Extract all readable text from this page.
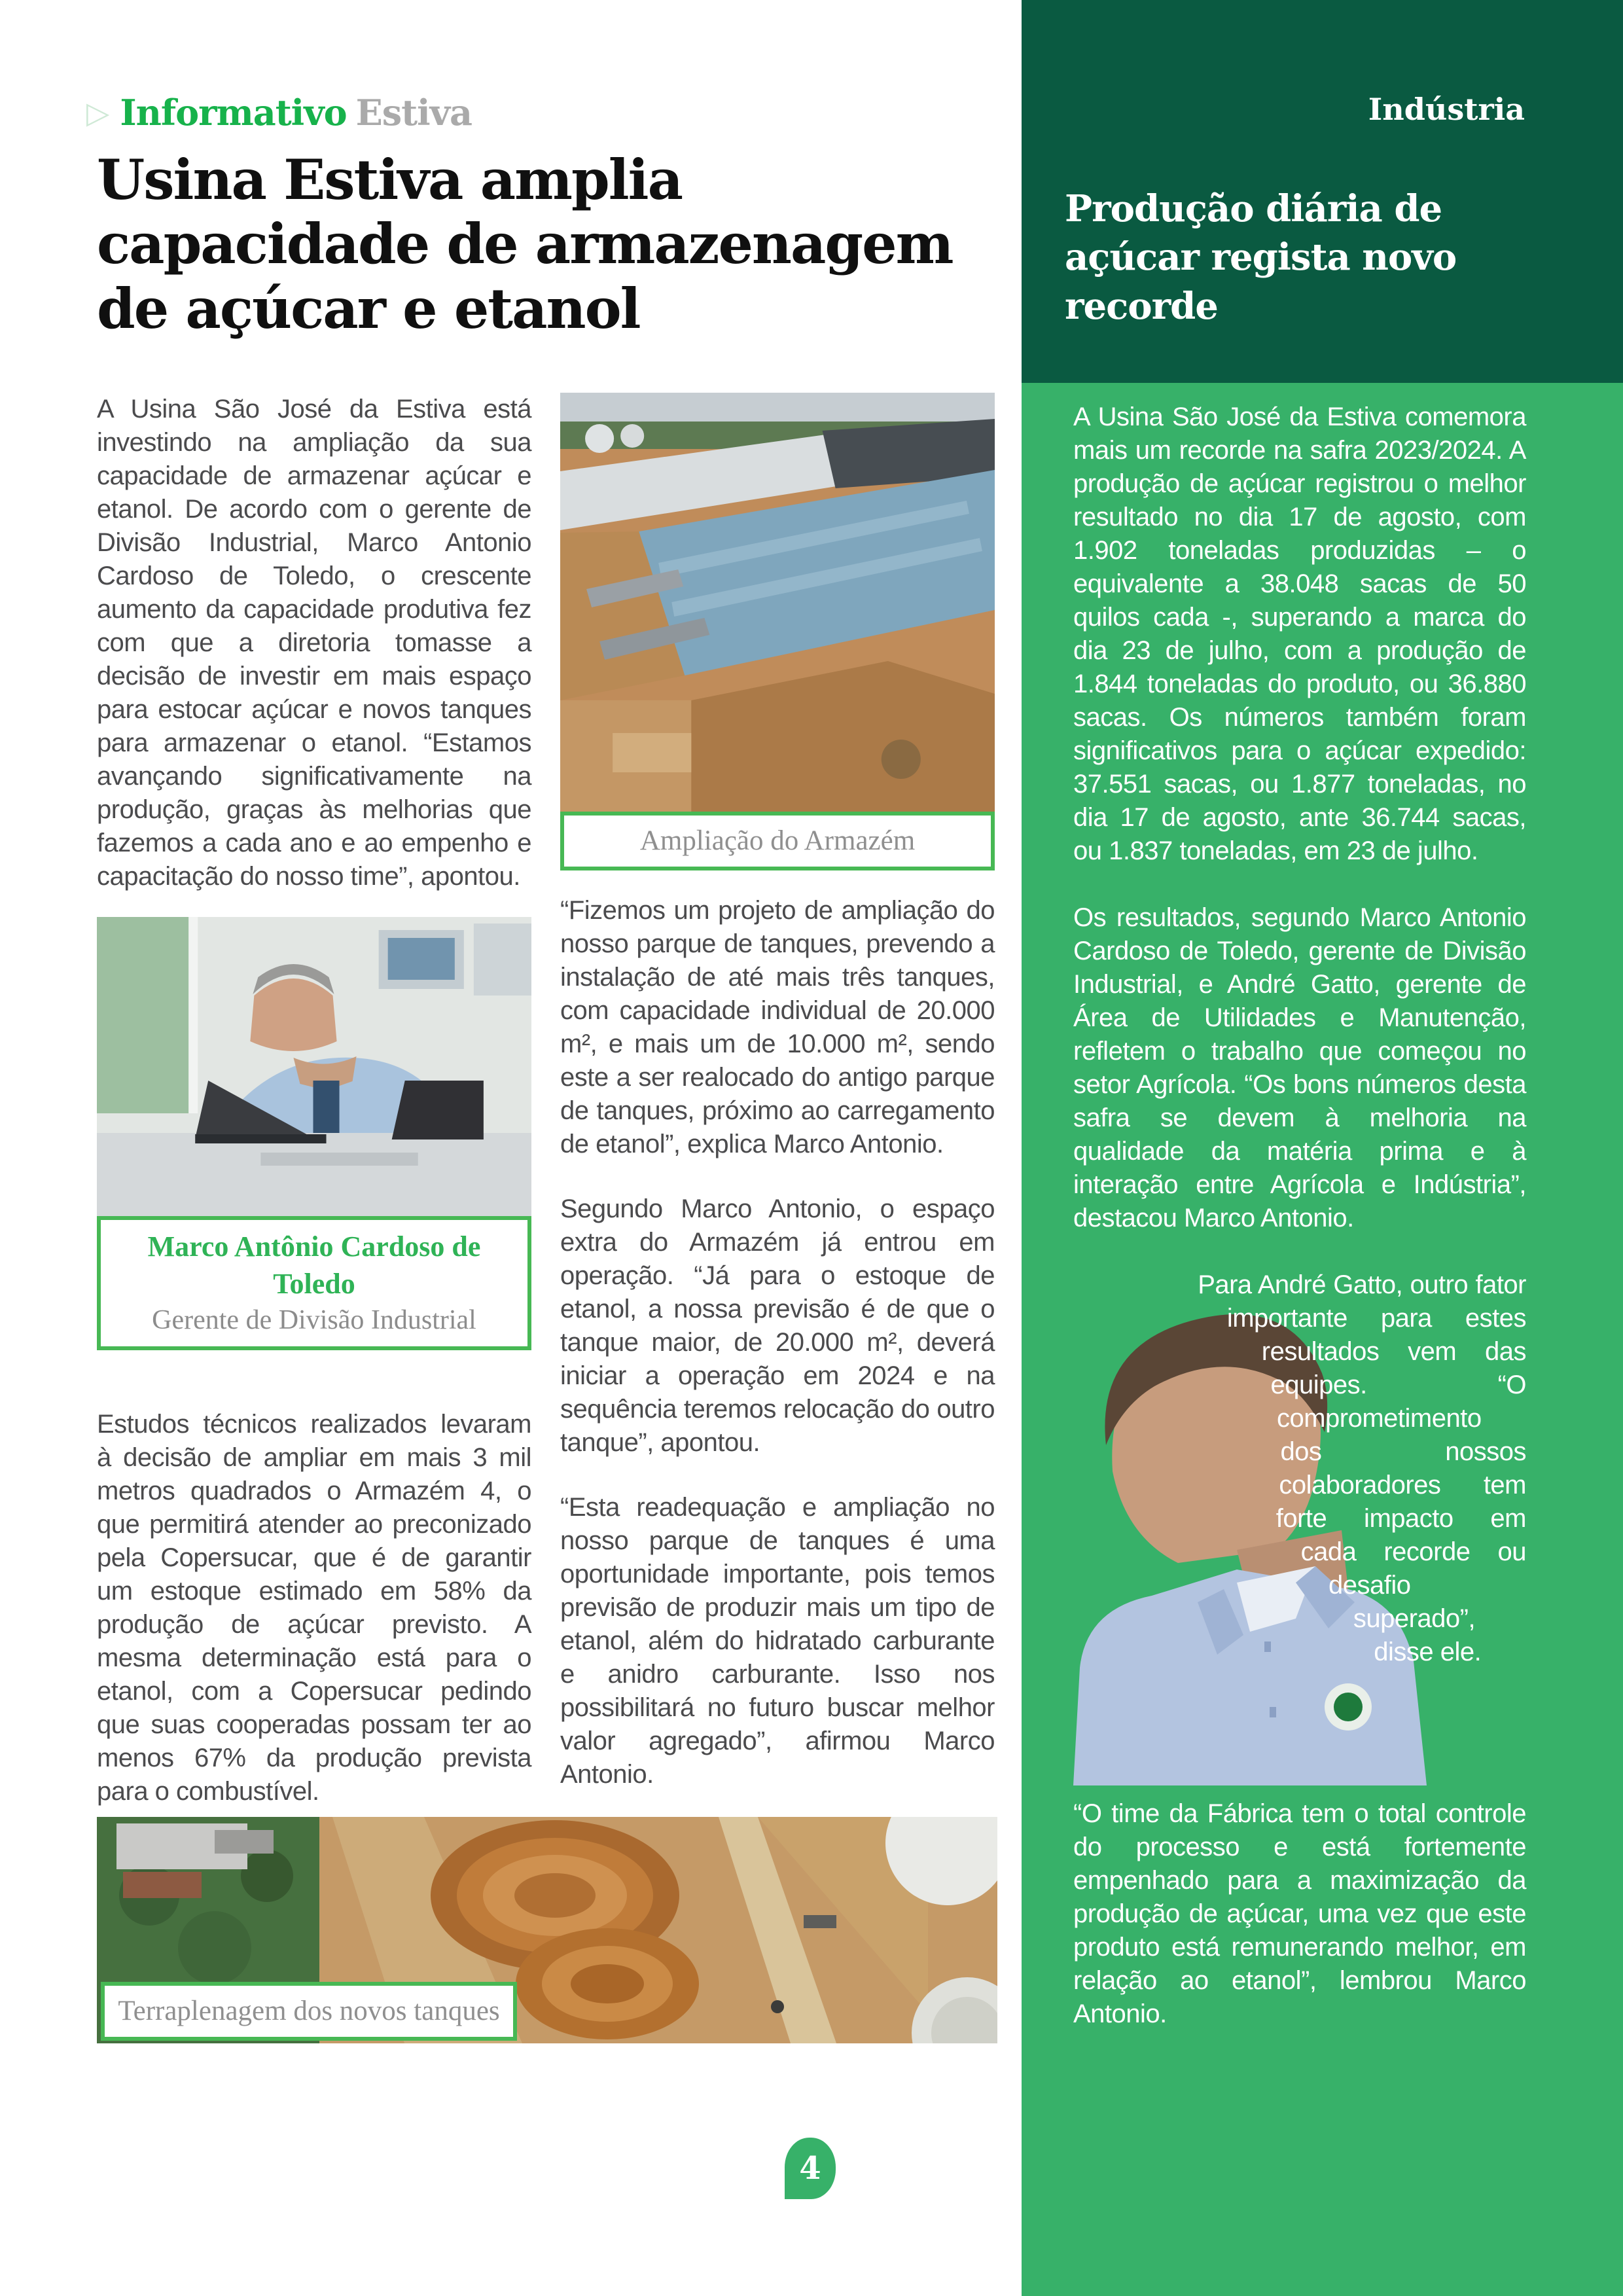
▷ Informativo Estiva
Usina Estiva amplia capacidade de armazenagem de açúcar e etanol

A Usina São José da Estiva está investindo na ampliação da sua capacidade de armazenar açúcar e etanol. De acordo com o gerente de Divisão Industrial, Marco Antonio Cardoso de Toledo, o crescente aumento da capacidade produtiva fez com que a diretoria tomasse a decisão de investir em mais espaço para estocar açúcar e novos tanques para armazenar o etanol. “Estamos avançando significativamente na produção, graças às melhorias que fazemos a cada ano e ao empenho e capacitação do nosso time”, apontou.

Marco Antônio Cardoso de Toledo
Gerente de Divisão Industrial

Estudos técnicos realizados levaram à decisão de ampliar em mais 3 mil metros quadrados o Armazém 4, o que permitirá atender ao preconizado pela Copersucar, que é de garantir um estoque estimado em 58% da produção de açúcar previsto. A mesma determinação está para o etanol, com a Copersucar pedindo que suas cooperadas possam ter ao menos 67% da produção prevista para o combustível.

Ampliação do Armazém

“Fizemos um projeto de ampliação do nosso parque de tanques, prevendo a instalação de até mais três tanques, com capacidade individual de 20.000 m², e mais um de 10.000 m², sendo este a ser realocado do antigo parque de tanques, próximo ao carregamento de etanol”, explica Marco Antonio.

Segundo Marco Antonio, o espaço extra do Armazém já entrou em operação. “Já para o estoque de etanol, a nossa previsão é de que o tanque maior, de 20.000 m², deverá iniciar a operação em 2024 e na sequência teremos relocação do outro tanque”, apontou.

“Esta readequação e ampliação no nosso parque de tanques é uma oportunidade importante, pois temos previsão de produzir mais um tipo de etanol, além do hidratado carburante e anidro carburante. Isso nos possibilitará no futuro buscar melhor valor agregado”, afirmou Marco Antonio.

Terraplenagem dos novos tanques
4
Indústria
Produção diária de açúcar regista novo recorde

A Usina São José da Estiva comemora mais um recorde na safra 2023/2024. A produção de açúcar registrou o melhor resultado no dia 17 de agosto, com 1.902 toneladas produzidas – o equivalente a 38.048 sacas de 50 quilos cada -, superando a marca do dia 23 de julho, com a produção de 1.844 toneladas do produto, ou 36.880 sacas. Os números também foram significativos para o açúcar expedido: 37.551 sacas, ou 1.877 toneladas, no dia 17 de agosto, ante 36.744 sacas, ou 1.837 toneladas, em 23 de julho.

Os resultados, segundo Marco Antonio Cardoso de Toledo, gerente de Divisão Industrial, e André Gatto, gerente de Área de Utilidades e Manutenção, refletem o trabalho que começou no setor Agrícola. “Os bons números desta safra se devem à melhoria na qualidade da matéria prima e à interação entre Agrícola e Indústria”, destacou Marco Antonio.

Para André Gatto, outro fator importante para estes resultados vem das equipes. “O comprometimento dos nossos colaboradores tem forte impacto em cada recorde ou desafio superado”, disse ele.

“O time da Fábrica tem o total controle do processo e está fortemente empenhado para a maximização da produção de açúcar, uma vez que este produto está remunerando melhor, em relação ao etanol”, lembrou Marco Antonio.
